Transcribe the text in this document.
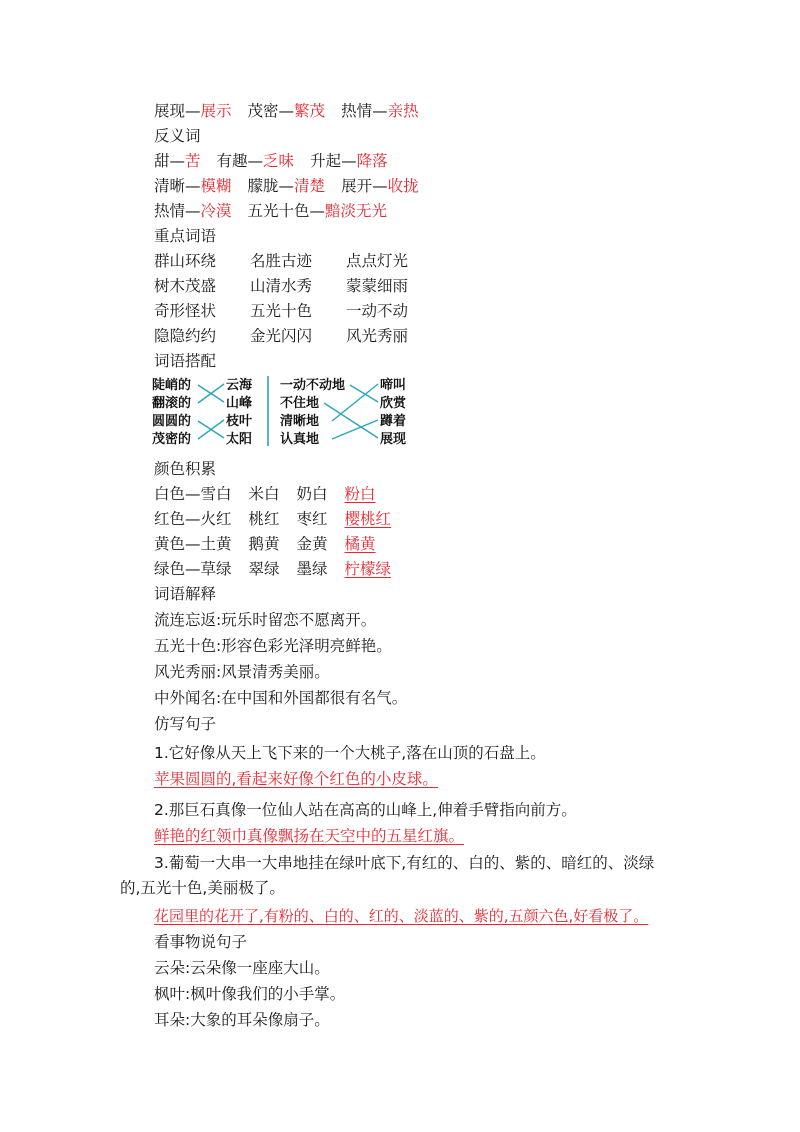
展现—展示 茂密—繁茂 热情—亲热
反义词
甜—苦 有趣—乏味 升起—降落
清晰—模糊 朦胧—清楚 展开—收拢
热情—冷漠 五光十色—黯淡无光
重点词语
群山环绕 名胜古迹 点点灯光
树木茂盛 山清水秀 蒙蒙细雨
奇形怪状 五光十色 一动不动
隐隐约约 金光闪闪 风光秀丽
词语搭配
陡峭的
翻滚的
圆圆的
茂密的
云海
山峰
枝叶
太阳
一动不动地
不住地
清晰地
认真地
啼叫
欣赏
蹲着
展现
颜色积累
白色—雪白 米白 奶白 粉白
红色—火红 桃红 枣红 樱桃红
黄色—土黄 鹅黄 金黄 橘黄
绿色—草绿 翠绿 墨绿 柠檬绿
词语解释
流连忘返:玩乐时留恋不愿离开。
五光十色:形容色彩光泽明亮鲜艳。
风光秀丽:风景清秀美丽。
中外闻名:在中国和外国都很有名气。
仿写句子
1.它好像从天上飞下来的一个大桃子,落在山顶的石盘上。
苹果圆圆的,看起来好像个红色的小皮球。
2.那巨石真像一位仙人站在高高的山峰上,伸着手臂指向前方。
鲜艳的红领巾真像飘扬在天空中的五星红旗。
3.葡萄一大串一大串地挂在绿叶底下,有红的、白的、紫的、暗红的、淡绿
的,五光十色,美丽极了。
花园里的花开了,有粉的、白的、红的、淡蓝的、紫的,五颜六色,好看极了。
看事物说句子
云朵:云朵像一座座大山。
枫叶:枫叶像我们的小手掌。
耳朵:大象的耳朵像扇子。
